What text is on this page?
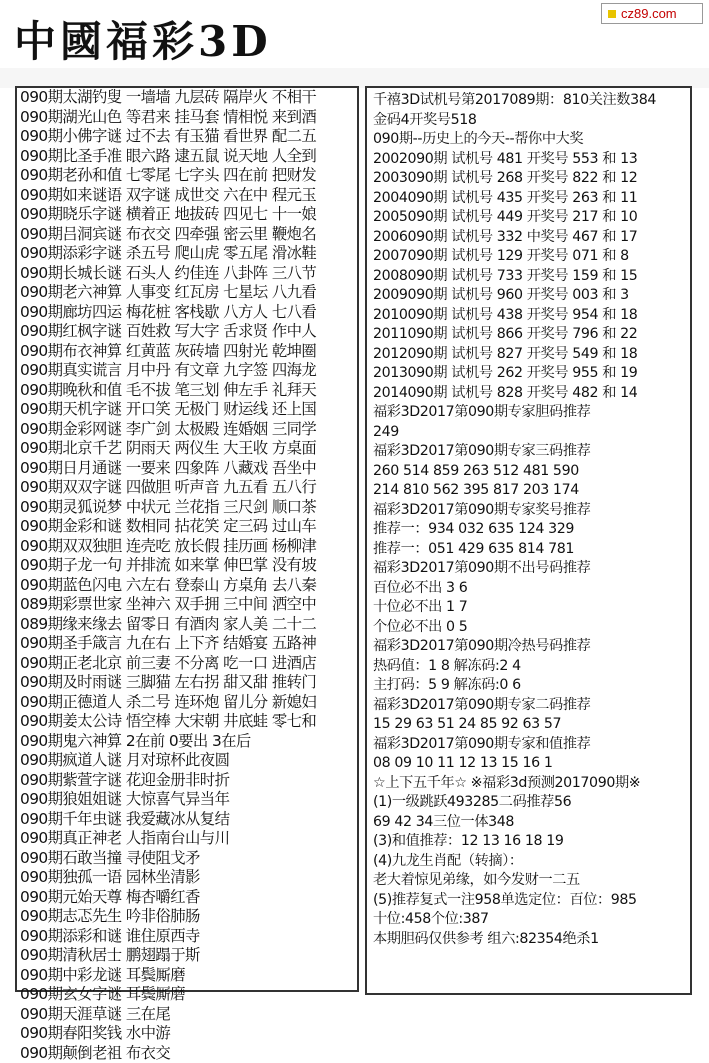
中國福彩3D
cz89.com
090期太湖钓叟 一墙墙 九层砖 隔岸火 不相干
090期湖光山色 等君来 挂马套 情相悦 来到酒
090期小佛字谜 过不去 有玉猫 看世界 配二五
090期比圣手准 眼六路 逮五鼠 说天地 人全到
090期老孙和值 七零尾 七字头 四在前 把财发
090期如来谜语 双字谜 成世交 六在中 程元玉
090期晓乐字谜 横着正 地拔砖 四见七 十一娘
090期吕洞宾谜 布衣交 四牵强 密云里 鞭炮名
090期添彩字谜 杀五号 爬山虎 零五尾 滑冰鞋
090期长城长谜 石头人 约佳连 八卦阵 三八节
090期老六神算 人事变 红瓦房 七星坛 八九看
090期廊坊四运 梅花桩 客栈歇 八方人 七八看
090期红枫字谜 百姓救 写大字 舌求贤 作中人
090期布衣神算 红黄蓝 灰砖墙 四射光 乾坤圈
090期真实谎言 月中丹 有文章 九字签 四海龙
090期晚秋和值 毛不拔 笔三划 伸左手 礼拜天
090期天机字谜 开口笑 无极门 财运线 还上国
090期金彩网谜 李广剑 太极殿 连婚姻 三同学
090期北京千艺 阴雨天 两仪生 大王收 方桌面
090期日月通谜 一要来 四象阵 八藏戏 吾坐中
090期双双字谜 四做胆 听声音 九五看 五八行
090期灵狐说梦 中状元 兰花指 三尺剑 顺口茶
090期金彩和谜 数相同 拈花笑 定三码 过山车
090期双双独胆 连壳吃 放长假 挂历画 杨柳津
090期子龙一句 并排流 如来掌 伸巴掌 没有坡
090期蓝色闪电 六左右 登泰山 方桌角 去八秦
089期彩票世家 坐神六 双手拥 三中间 洒空中
089期缘来缘去 留零日 有酒肉 家人美 二十二
090期圣手箴言 九在右 上下齐 结婚宴 五路神
090期正老北京 前三妻 不分离 吃一口 进酒店
090期及时雨谜 三脚猫 左右拐 甜又甜 推转门
090期正德道人 杀二号 连环炮 留儿分 新媳妇
090期姜太公诗 悟空棒 大宋朝 井底蛙 零七和
090期鬼六神算 2在前 0要出 3在后
090期疯道人谜 月对琼杯此夜圆
090期紫萱字谜 花迎金册非时折
090期狼姐姐谜 大惊喜气异当年
090期千年虫谜 我爱藏冰从复结
090期真正神老 人指南台山与川
090期石敢当撞 寻使阻戈矛
090期独孤一语 园林坐清影
090期元始天尊 梅杏嚼红香
090期志忑先生 吟非俗肺肠
090期添彩和谜 谁住原西寺
090期清秋居士 鹏翅蹋于斯
090期中彩龙谜 耳鬓厮磨
090期玄女字谜 耳鬓厮磨
090期天涯草谜 三在尾
090期春阳奖钱 水中游
090期颠倒老祖 布衣交
千禧3D试机号第2017089期：810关注数384
金码4开奖号518
090期--历史上的今天--帮你中大奖
2002090期 试机号 481 开奖号 553 和 13
2003090期 试机号 268 开奖号 822 和 12
2004090期 试机号 435 开奖号 263 和 11
2005090期 试机号 449 开奖号 217 和 10
2006090期 试机号 332 中奖号 467 和 17
2007090期 试机号 129 开奖号 071 和 8
2008090期 试机号 733 开奖号 159 和 15
2009090期 试机号 960 开奖号 003 和 3
2010090期 试机号 438 开奖号 954 和 18
2011090期 试机号 866 开奖号 796 和 22
2012090期 试机号 827 开奖号 549 和 18
2013090期 试机号 262 开奖号 955 和 19
2014090期 试机号 828 开奖号 482 和 14
福彩3D2017第090期专家胆码推荐
249
福彩3D2017第090期专家三码推荐
260 514 859 263 512 481 590
214 810 562 395 817 203 174
福彩3D2017第090期专家奖号推荐
推荐一：934 032 635 124 329
推荐一：051 429 635 814 781
福彩3D2017第090期不出号码推荐
百位必不出 3 6
十位必不出 1 7
个位必不出 0 5
福彩3D2017第090期冷热号码推荐
热码值：1 8 解冻码:2 4
主打码：5 9 解冻码:0 6
福彩3D2017第090期专家二码推荐
15 29 63 51 24 85 92 63 57
福彩3D2017第090期专家和值推荐
08 09 10 11 12 13 15 16 1
☆上下五千年☆ ※福彩3d预测2017090期※
(1)一级跳跃493285二码推荐56
69 42 34三位一体348
(3)和值推荐：12 13 16 18 19
(4)九龙生肖配（转摘）：
老大着惊见弟缘，如今发财一二五
(5)推荐复式一注958单选定位：百位：985
十位:458个位:387
本期胆码仅供参考 组六:82354绝杀1
